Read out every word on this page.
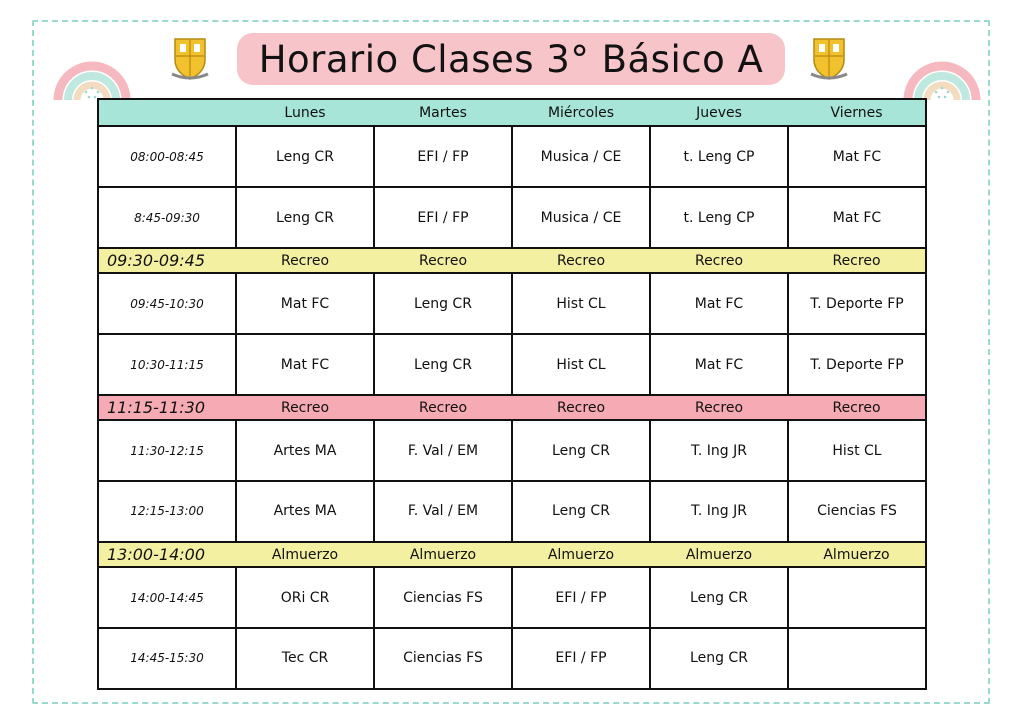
Horario Clases 3° Básico A
	Lunes	Martes	Miércoles	Jueves	Viernes
08:00-08:45	Leng CR	EFI / FP	Musica / CE	t. Leng CP	Mat FC
8:45-09:30	Leng CR	EFI / FP	Musica / CE	t. Leng CP	Mat FC
09:30-09:45	Recreo	Recreo	Recreo	Recreo	Recreo
09:45-10:30	Mat FC	Leng CR	Hist CL	Mat FC	T. Deporte FP
10:30-11:15	Mat FC	Leng CR	Hist CL	Mat FC	T. Deporte FP
11:15-11:30	Recreo	Recreo	Recreo	Recreo	Recreo
11:30-12:15	Artes MA	F. Val / EM	Leng CR	T. Ing JR	Hist CL
12:15-13:00	Artes MA	F. Val / EM	Leng CR	T. Ing JR	Ciencias FS
13:00-14:00	Almuerzo	Almuerzo	Almuerzo	Almuerzo	Almuerzo
14:00-14:45	ORi CR	Ciencias FS	EFI / FP	Leng CR	
14:45-15:30	Tec CR	Ciencias FS	EFI / FP	Leng CR	
